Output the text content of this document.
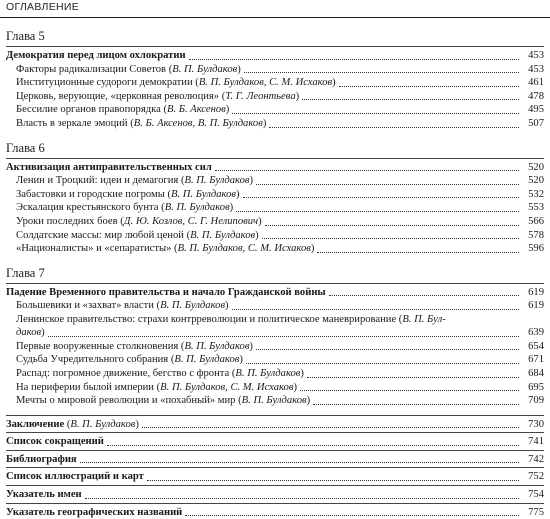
ОГЛАВЛЕНИЕ
Глава 5
Демократия перед лицом охлократии	453
Факторы радикализации Советов (В. П. Булдаков)	453
Институционные судороги демократии (В. П. Булдаков, С. М. Исхаков)	461
Церковь, верующие, «церковная революция» (Т. Г. Леонтьева)	478
Бессилие органов правопорядка (В. Б. Аксенов)	495
Власть в зеркале эмоций (В. Б. Аксенов, В. П. Булдаков)	507
Глава 6
Активизация антиправительственных сил	520
Ленин и Троцкий: идеи и демагогия (В. П. Булдаков)	520
Забастовки и городские погромы (В. П. Булдаков)	532
Эскалация крестьянского бунта (В. П. Булдаков)	553
Уроки последних боев (Д. Ю. Козлов, С. Г. Нелипович)	566
Солдатские массы: мир любой ценой (В. П. Булдаков)	578
«Националисты» и «сепаратисты» (В. П. Булдаков, С. М. Исхаков)	596
Глава 7
Падение Временного правительства и начало Гражданской войны	619
Большевики и «захват» власти (В. П. Булдаков)	619
Ленинское правительство: страхи контрреволюции и политическое маневрирование ( В. П. Бул-
даков )	639
Первые вооруженные столкновения (В. П. Булдаков)	654
Судьба Учредительного собрания (В. П. Булдаков)	671
Распад: погромное движение, бегство с фронта (В. П. Булдаков)	684
На периферии былой империи (В. П. Булдаков, С. М. Исхаков)	695
Мечты о мировой революции и «похабный» мир (В. П. Булдаков)	709
Заключение (В. П. Булдаков)	730
Список сокращений	741
Библиография	742
Список иллюстраций и карт	752
Указатель имен	754
Указатель географических названий	775
